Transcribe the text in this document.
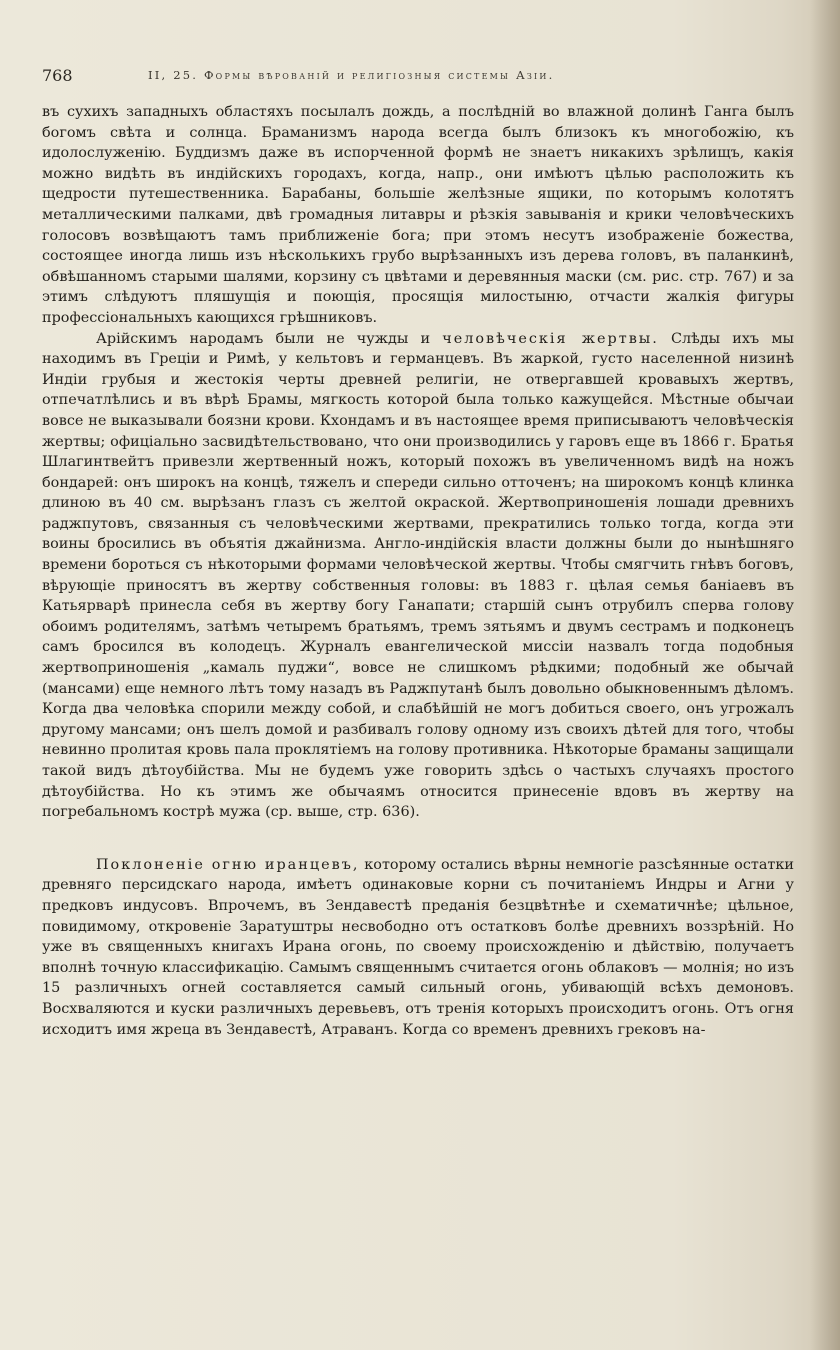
768	II, 25. Формы вѣрованій и религіозныя системы Азіи.

въ сухихъ западныхъ областяхъ посылалъ дождь, а послѣдній во влажной долинѣ Ганга былъ богомъ свѣта и солнца. Браманизмъ народа всегда былъ близокъ къ многобожію, къ идолослуженію. Буддизмъ даже въ испорченной формѣ не знаетъ никакихъ зрѣлищъ, какія можно видѣть въ индійскихъ городахъ, когда, напр., они имѣютъ цѣлью расположить къ щедрости путешественника. Барабаны, большіе желѣзные ящики, по которымъ колотятъ металлическими палками, двѣ громадныя литавры и рѣзкія завыванія и крики человѣческихъ голосовъ возвѣщаютъ тамъ приближеніе бога; при этомъ несутъ изображеніе божества, состоящее иногда лишь изъ нѣсколькихъ грубо вырѣзанныхъ изъ дерева головъ, въ паланкинѣ, обвѣшанномъ старыми шалями, корзину съ цвѣтами и деревянныя маски (см. рис. стр. 767) и за этимъ слѣдуютъ пляшущія и поющія, просящія милостыню, отчасти жалкія фигуры профессіональныхъ кающихся грѣшниковъ.

Арійскимъ народамъ были не чужды и человѣческія жертвы. Слѣды ихъ мы находимъ въ Греціи и Римѣ, у кельтовъ и германцевъ. Въ жаркой, густо населенной низинѣ Индіи грубыя и жестокія черты древней религіи, не отвергавшей кровавыхъ жертвъ, отпечатлѣлись и въ вѣрѣ Брамы, мягкость которой была только кажущейся. Мѣстные обычаи вовсе не выказывали боязни крови. Кхондамъ и въ настоящее время приписываютъ человѣческія жертвы; офиціально засвидѣтельствовано, что они производились у гаровъ еще въ 1866 г. Братья Шлагинтвейтъ привезли жертвенный ножъ, который похожъ въ увеличенномъ видѣ на ножъ бондарей: онъ широкъ на концѣ, тяжелъ и спереди сильно отточенъ; на широкомъ концѣ клинка длиною въ 40 см. вырѣзанъ глазъ съ желтой окраской. Жертвоприношенія лошади древнихъ раджпутовъ, связанныя съ человѣческими жертвами, прекратились только тогда, когда эти воины бросились въ объятія джайнизма. Англо-индійскія власти должны были до нынѣшняго времени бороться съ нѣкоторыми формами человѣческой жертвы. Чтобы смягчить гнѣвъ боговъ, вѣрующіе приносятъ въ жертву собственныя головы: въ 1883 г. цѣлая семья баніаевъ въ Катьярварѣ принесла себя въ жертву богу Ганапати; старшій сынъ отрубилъ сперва голову обоимъ родителямъ, затѣмъ четыремъ братьямъ, тремъ зятьямъ и двумъ сестрамъ и подконецъ самъ бросился въ колодецъ. Журналъ евангелической миссіи назвалъ тогда подобныя жертвоприношенія „камаль пуджи“, вовсе не слишкомъ рѣдкими; подобный же обычай (мансами) еще немного лѣтъ тому назадъ въ Раджпутанѣ былъ довольно обыкновеннымъ дѣломъ. Когда два человѣка спорили между собой, и слабѣйшій не могъ добиться своего, онъ угрожалъ другому мансами; онъ шелъ домой и разбивалъ голову одному изъ своихъ дѣтей для того, чтобы невинно пролитая кровь пала проклятіемъ на голову противника. Нѣкоторые браманы защищали такой видъ дѣтоубійства. Мы не будемъ уже говорить здѣсь о частыхъ случаяхъ простого дѣтоубійства. Но къ этимъ же обычаямъ относится принесеніе вдовъ въ жертву на погребальномъ кострѣ мужа (ср. выше, стр. 636).

Поклоненіе огню иранцевъ, которому остались вѣрны немногіе разсѣянные остатки древняго персидскаго народа, имѣетъ одинаковые корни съ почитаніемъ Индры и Агни у предковъ индусовъ. Впрочемъ, въ Зендавестѣ преданія безцвѣтнѣе и схематичнѣе; цѣльное, повидимому, откровеніе Заратуштры несвободно отъ остатковъ болѣе древнихъ воззрѣній. Но уже въ священныхъ книгахъ Ирана огонь, по своему происхожденію и дѣйствію, получаетъ вполнѣ точную классификацію. Самымъ священнымъ считается огонь облаковъ — молнія; но изъ 15 различныхъ огней составляется самый сильный огонь, убивающій всѣхъ демоновъ. Восхваляются и куски различныхъ деревьевъ, отъ тренія которыхъ происходитъ огонь. Отъ огня исходитъ имя жреца въ Зендавестѣ, Атраванъ. Когда со временъ древнихъ грековъ на-
